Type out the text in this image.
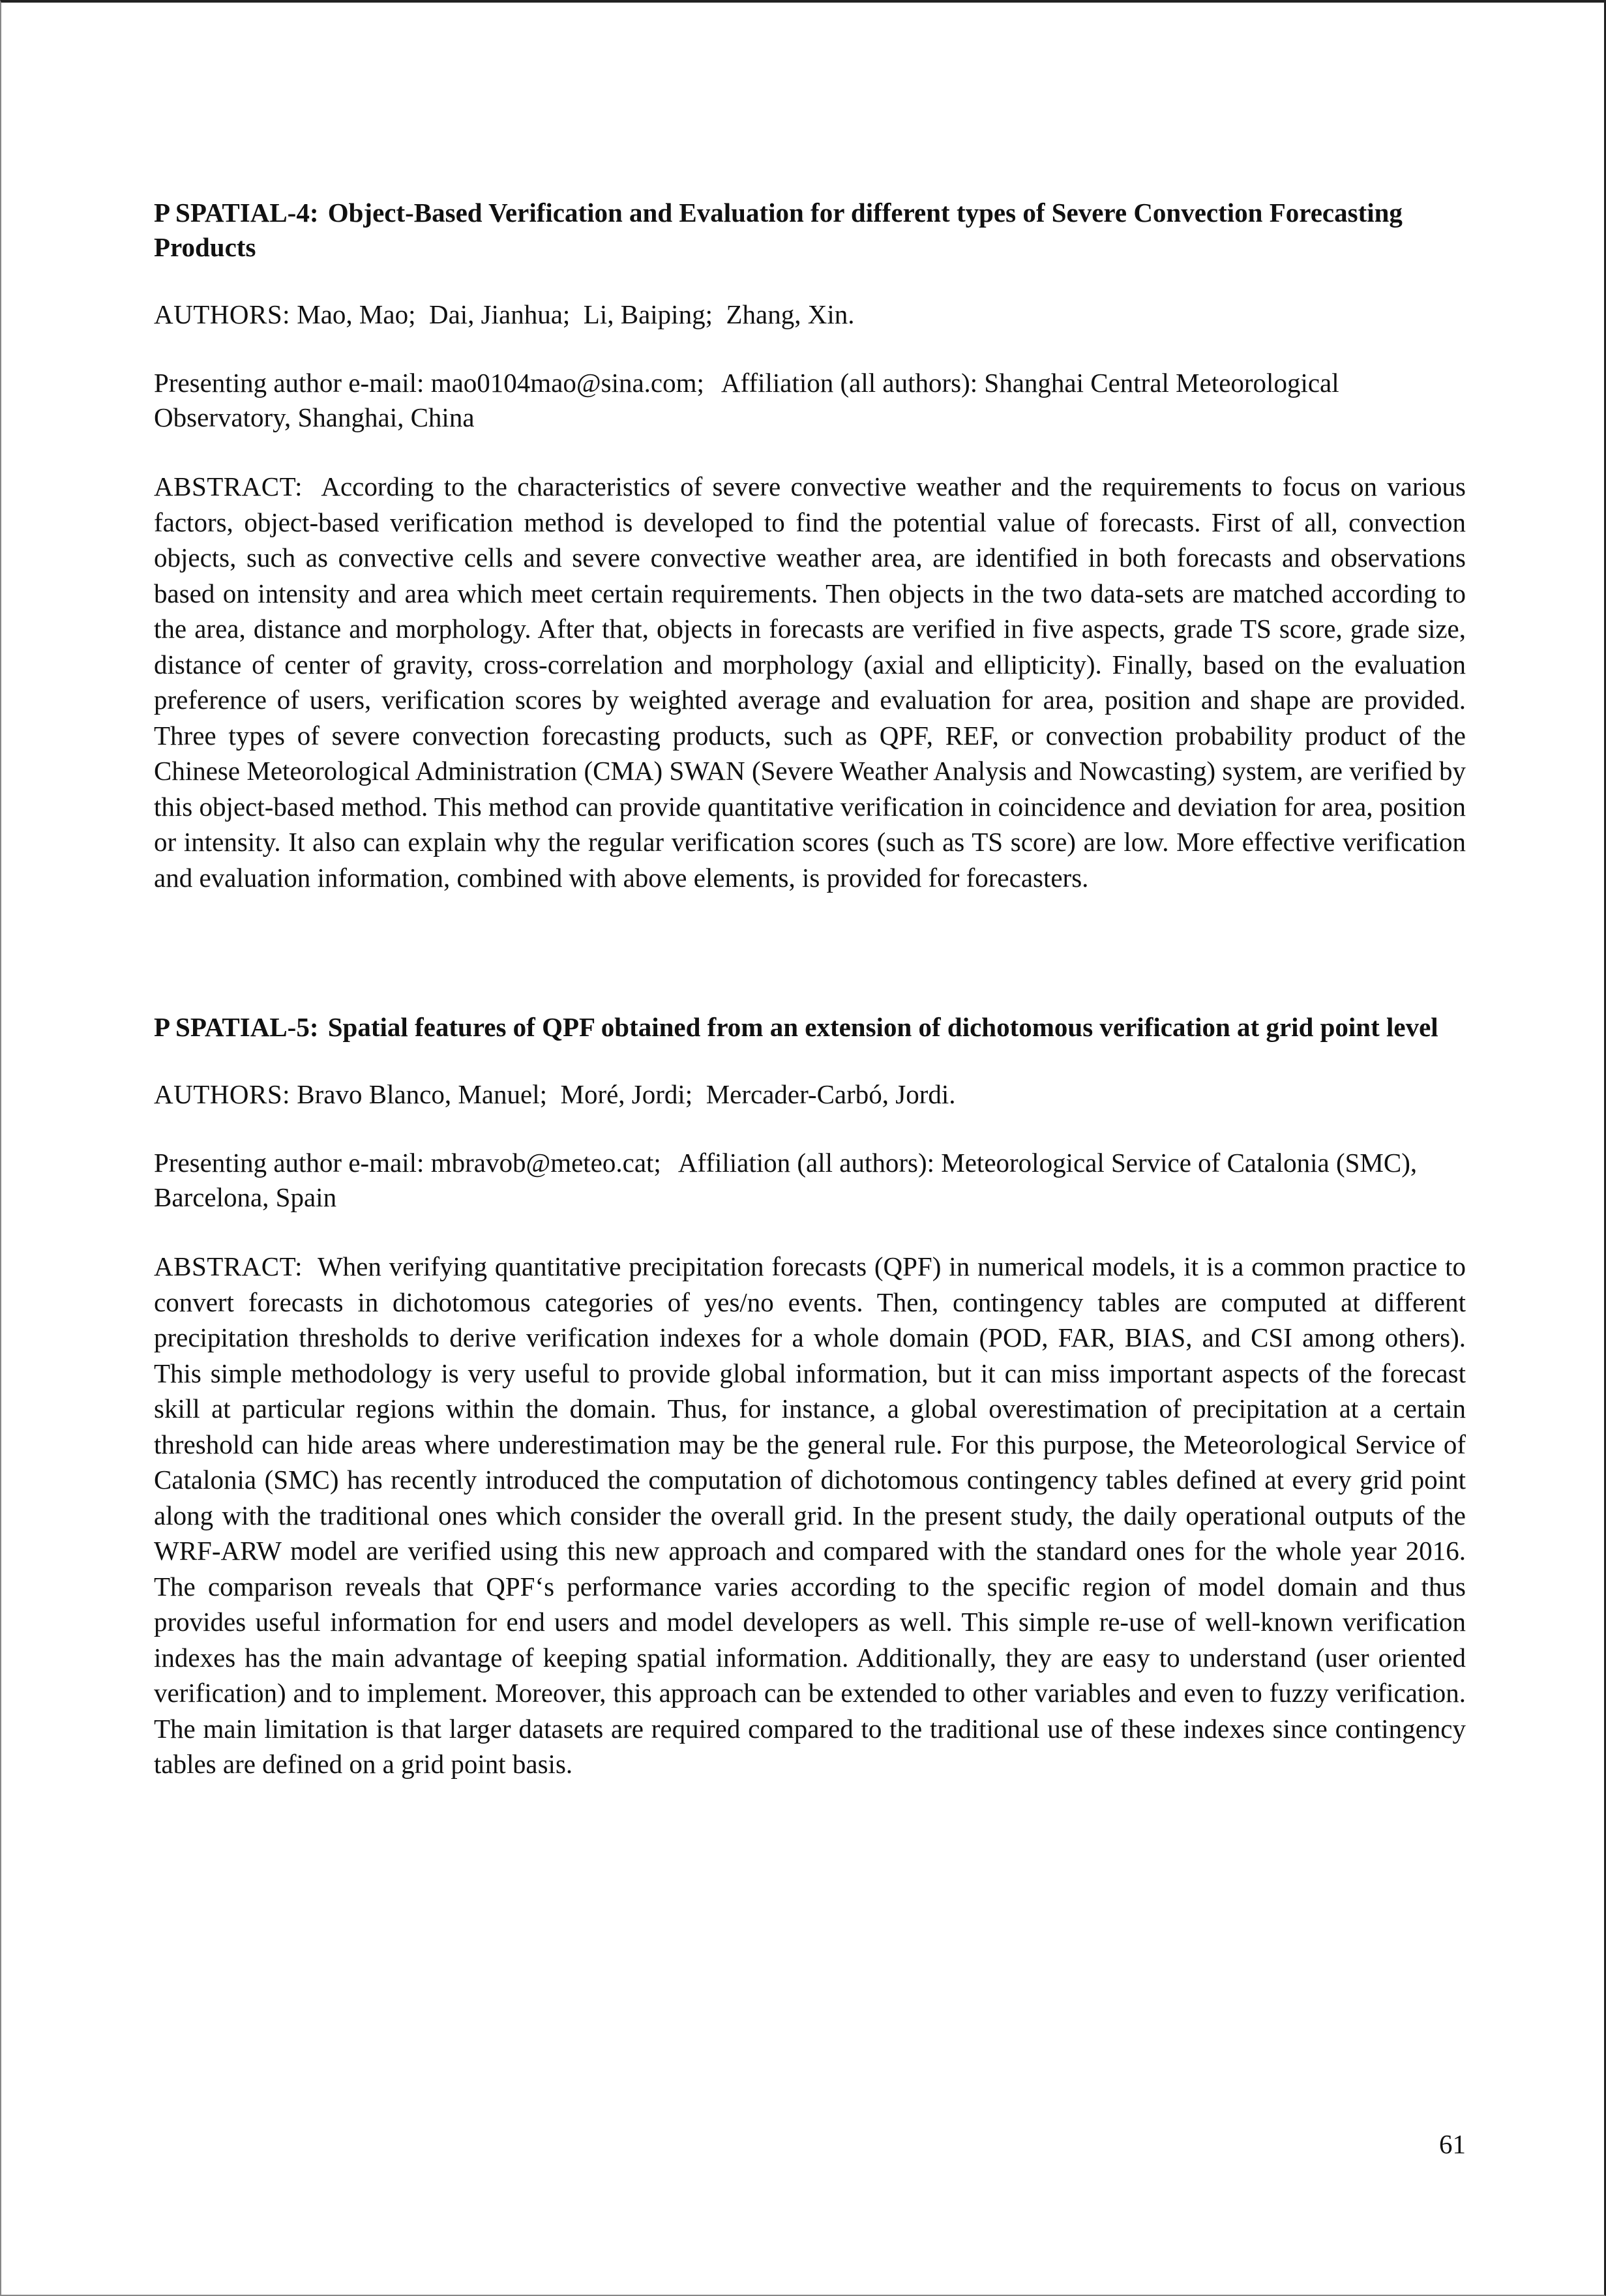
P SPATIAL-4: Object-Based Verification and Evaluation for different types of Severe Convection Forecasting Products

AUTHORS: Mao, Mao;  Dai, Jianhua;  Li, Baiping;  Zhang, Xin.

Presenting author e-mail: mao0104mao@sina.com; Affiliation (all authors): Shanghai Central Meteorological Observatory, Shanghai, China

ABSTRACT: According to the characteristics of severe convective weather and the requirements to focus on various factors, object-based verification method is developed to find the potential value of forecasts. First of all, convection objects, such as convective cells and severe convective weather area, are identified in both forecasts and observations based on intensity and area which meet certain requirements. Then objects in the two data-sets are matched according to the area, distance and morphology. After that, objects in forecasts are verified in five aspects, grade TS score, grade size, distance of center of gravity, cross-correlation and morphology (axial and ellipticity). Finally, based on the evaluation preference of users, verification scores by weighted average and evaluation for area, position and shape are provided. Three types of severe convection forecasting products, such as QPF, REF, or convection probability product of the Chinese Meteorological Administration (CMA) SWAN (Severe Weather Analysis and Nowcasting) system, are verified by this object-based method. This method can provide quantitative verification in coincidence and deviation for area, position or intensity. It also can explain why the regular verification scores (such as TS score) are low. More effective verification and evaluation information, combined with above elements, is provided for forecasters.

P SPATIAL-5: Spatial features of QPF obtained from an extension of dichotomous verification at grid point level

AUTHORS: Bravo Blanco, Manuel;  Moré, Jordi;  Mercader-Carbó, Jordi.

Presenting author e-mail: mbravob@meteo.cat; Affiliation (all authors): Meteorological Service of Catalonia (SMC), Barcelona, Spain

ABSTRACT: When verifying quantitative precipitation forecasts (QPF) in numerical models, it is a common practice to convert forecasts in dichotomous categories of yes/no events. Then, contingency tables are computed at different precipitation thresholds to derive verification indexes for a whole domain (POD, FAR, BIAS, and CSI among others). This simple methodology is very useful to provide global information, but it can miss important aspects of the forecast skill at particular regions within the domain. Thus, for instance, a global overestimation of precipitation at a certain threshold can hide areas where underestimation may be the general rule. For this purpose, the Meteorological Service of Catalonia (SMC) has recently introduced the computation of dichotomous contingency tables defined at every grid point along with the traditional ones which consider the overall grid. In the present study, the daily operational outputs of the WRF-ARW model are verified using this new approach and compared with the standard ones for the whole year 2016. The comparison reveals that QPF‘s performance varies according to the specific region of model domain and thus provides useful information for end users and model developers as well. This simple re-use of well-known verification indexes has the main advantage of keeping spatial information. Additionally, they are easy to understand (user oriented verification) and to implement. Moreover, this approach can be extended to other variables and even to fuzzy verification. The main limitation is that larger datasets are required compared to the traditional use of these indexes since contingency tables are defined on a grid point basis.

61
